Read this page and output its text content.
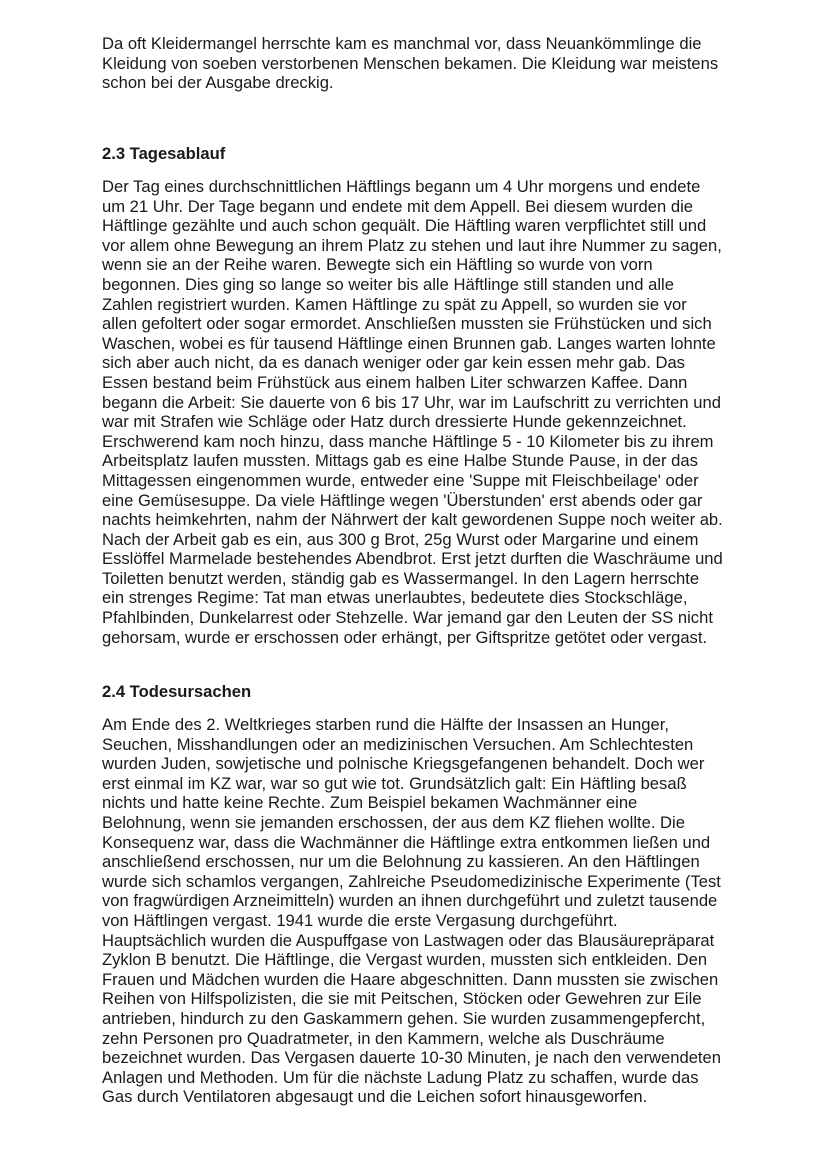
Da oft Kleidermangel herrschte kam es manchmal vor, dass Neuankömmlinge die
Kleidung von soeben verstorbenen Menschen bekamen. Die Kleidung war meistens
schon bei der Ausgabe dreckig.
2.3 Tagesablauf
Der Tag eines durchschnittlichen Häftlings begann um 4 Uhr morgens und endete
um 21 Uhr. Der Tage begann und endete mit dem Appell. Bei diesem wurden die
Häftlinge gezählte und auch schon gequält. Die Häftling waren verpflichtet still und
vor allem ohne Bewegung an ihrem Platz zu stehen und laut ihre Nummer zu sagen,
wenn sie an der Reihe waren. Bewegte sich ein Häftling so wurde von vorn
begonnen. Dies ging so lange so weiter bis alle Häftlinge still standen und alle
Zahlen registriert wurden. Kamen Häftlinge zu spät zu Appell, so wurden sie vor
allen gefoltert oder sogar ermordet. Anschließen mussten sie Frühstücken und sich
Waschen, wobei es für tausend Häftlinge einen Brunnen gab. Langes warten lohnte
sich aber auch nicht, da es danach weniger oder gar kein essen mehr gab. Das
Essen bestand beim Frühstück aus einem halben Liter schwarzen Kaffee. Dann
begann die Arbeit: Sie dauerte von 6 bis 17 Uhr, war im Laufschritt zu verrichten und
war mit Strafen wie Schläge oder Hatz durch dressierte Hunde gekennzeichnet.
Erschwerend kam noch hinzu, dass manche Häftlinge 5 - 10 Kilometer bis zu ihrem
Arbeitsplatz laufen mussten. Mittags gab es eine Halbe Stunde Pause, in der das
Mittagessen eingenommen wurde, entweder eine 'Suppe mit Fleischbeilage' oder
eine Gemüsesuppe. Da viele Häftlinge wegen 'Überstunden' erst abends oder gar
nachts heimkehrten, nahm der Nährwert der kalt gewordenen Suppe noch weiter ab.
Nach der Arbeit gab es ein, aus 300 g Brot, 25g Wurst oder Margarine und einem
Esslöffel Marmelade bestehendes Abendbrot. Erst jetzt durften die Waschräume und
Toiletten benutzt werden, ständig gab es Wassermangel. In den Lagern herrschte
ein strenges Regime: Tat man etwas unerlaubtes, bedeutete dies Stockschläge,
Pfahlbinden, Dunkelarrest oder Stehzelle. War jemand gar den Leuten der SS nicht
gehorsam, wurde er erschossen oder erhängt, per Giftspritze getötet oder vergast.
2.4 Todesursachen
Am Ende des 2. Weltkrieges starben rund die Hälfte der Insassen an Hunger,
Seuchen, Misshandlungen oder an medizinischen Versuchen. Am Schlechtesten
wurden Juden, sowjetische und polnische Kriegsgefangenen behandelt. Doch wer
erst einmal im KZ war, war so gut wie tot. Grundsätzlich galt: Ein Häftling besaß
nichts und hatte keine Rechte. Zum Beispiel bekamen Wachmänner eine
Belohnung, wenn sie jemanden erschossen, der aus dem KZ fliehen wollte. Die
Konsequenz war, dass die Wachmänner die Häftlinge extra entkommen ließen und
anschließend erschossen, nur um die Belohnung zu kassieren. An den Häftlingen
wurde sich schamlos vergangen, Zahlreiche Pseudomedizinische Experimente (Test
von fragwürdigen Arzneimitteln) wurden an ihnen durchgeführt und zuletzt tausende
von Häftlingen vergast. 1941 wurde die erste Vergasung durchgeführt.
Hauptsächlich wurden die Auspuffgase von Lastwagen oder das Blausäurepräparat
Zyklon B benutzt. Die Häftlinge, die Vergast wurden, mussten sich entkleiden. Den
Frauen und Mädchen wurden die Haare abgeschnitten. Dann mussten sie zwischen
Reihen von Hilfspolizisten, die sie mit Peitschen, Stöcken oder Gewehren zur Eile
antrieben, hindurch zu den Gaskammern gehen. Sie wurden zusammengepfercht,
zehn Personen pro Quadratmeter, in den Kammern, welche als Duschräume
bezeichnet wurden. Das Vergasen dauerte 10-30 Minuten, je nach den verwendeten
Anlagen und Methoden. Um für die nächste Ladung Platz zu schaffen, wurde das
Gas durch Ventilatoren abgesaugt und die Leichen sofort hinausgeworfen.
